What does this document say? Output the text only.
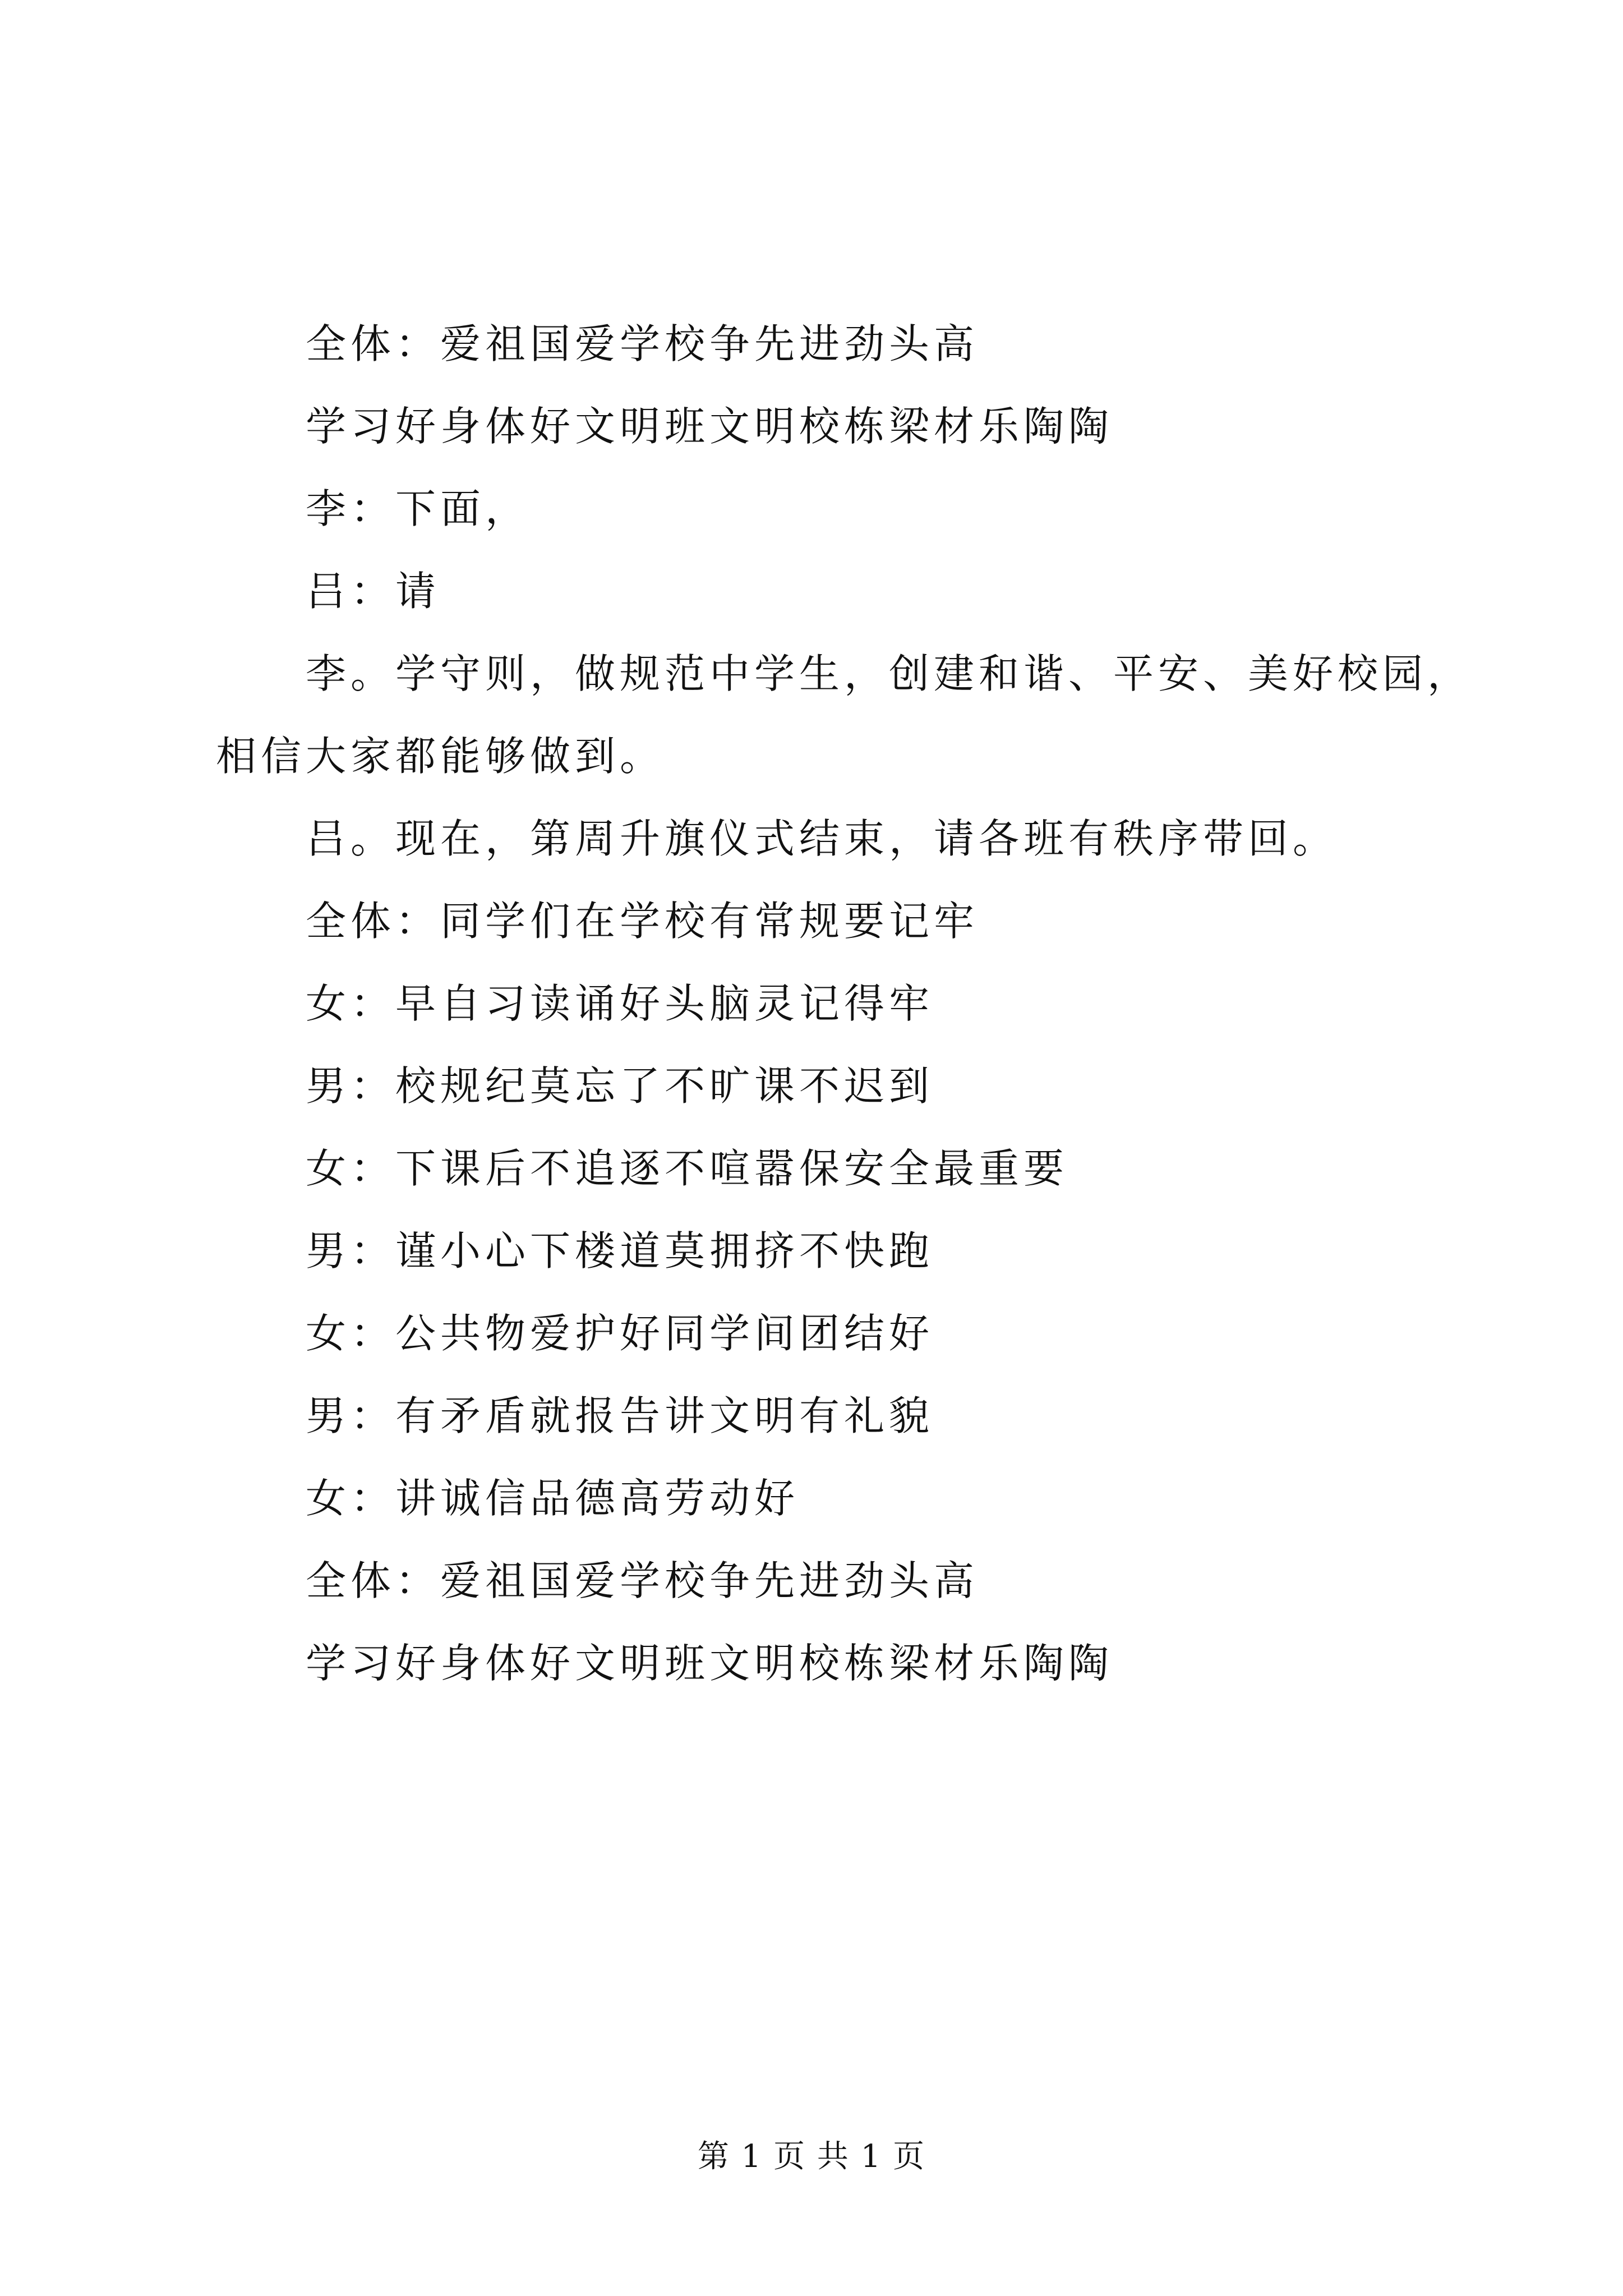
全体：爱祖国爱学校争先进劲头高

学习好身体好文明班文明校栋梁材乐陶陶

李：下面，

吕：请

李。学守则，做规范中学生，创建和谐、平安、美好校园，相信大家都能够做到。

吕。现在，第周升旗仪式结束，请各班有秩序带回。

全体：同学们在学校有常规要记牢

女：早自习读诵好头脑灵记得牢

男：校规纪莫忘了不旷课不迟到

女：下课后不追逐不喧嚣保安全最重要

男：谨小心下楼道莫拥挤不快跑

女：公共物爱护好同学间团结好

男：有矛盾就报告讲文明有礼貌

女：讲诚信品德高劳动好

全体：爱祖国爱学校争先进劲头高

学习好身体好文明班文明校栋梁材乐陶陶

第 1 页 共 1 页
